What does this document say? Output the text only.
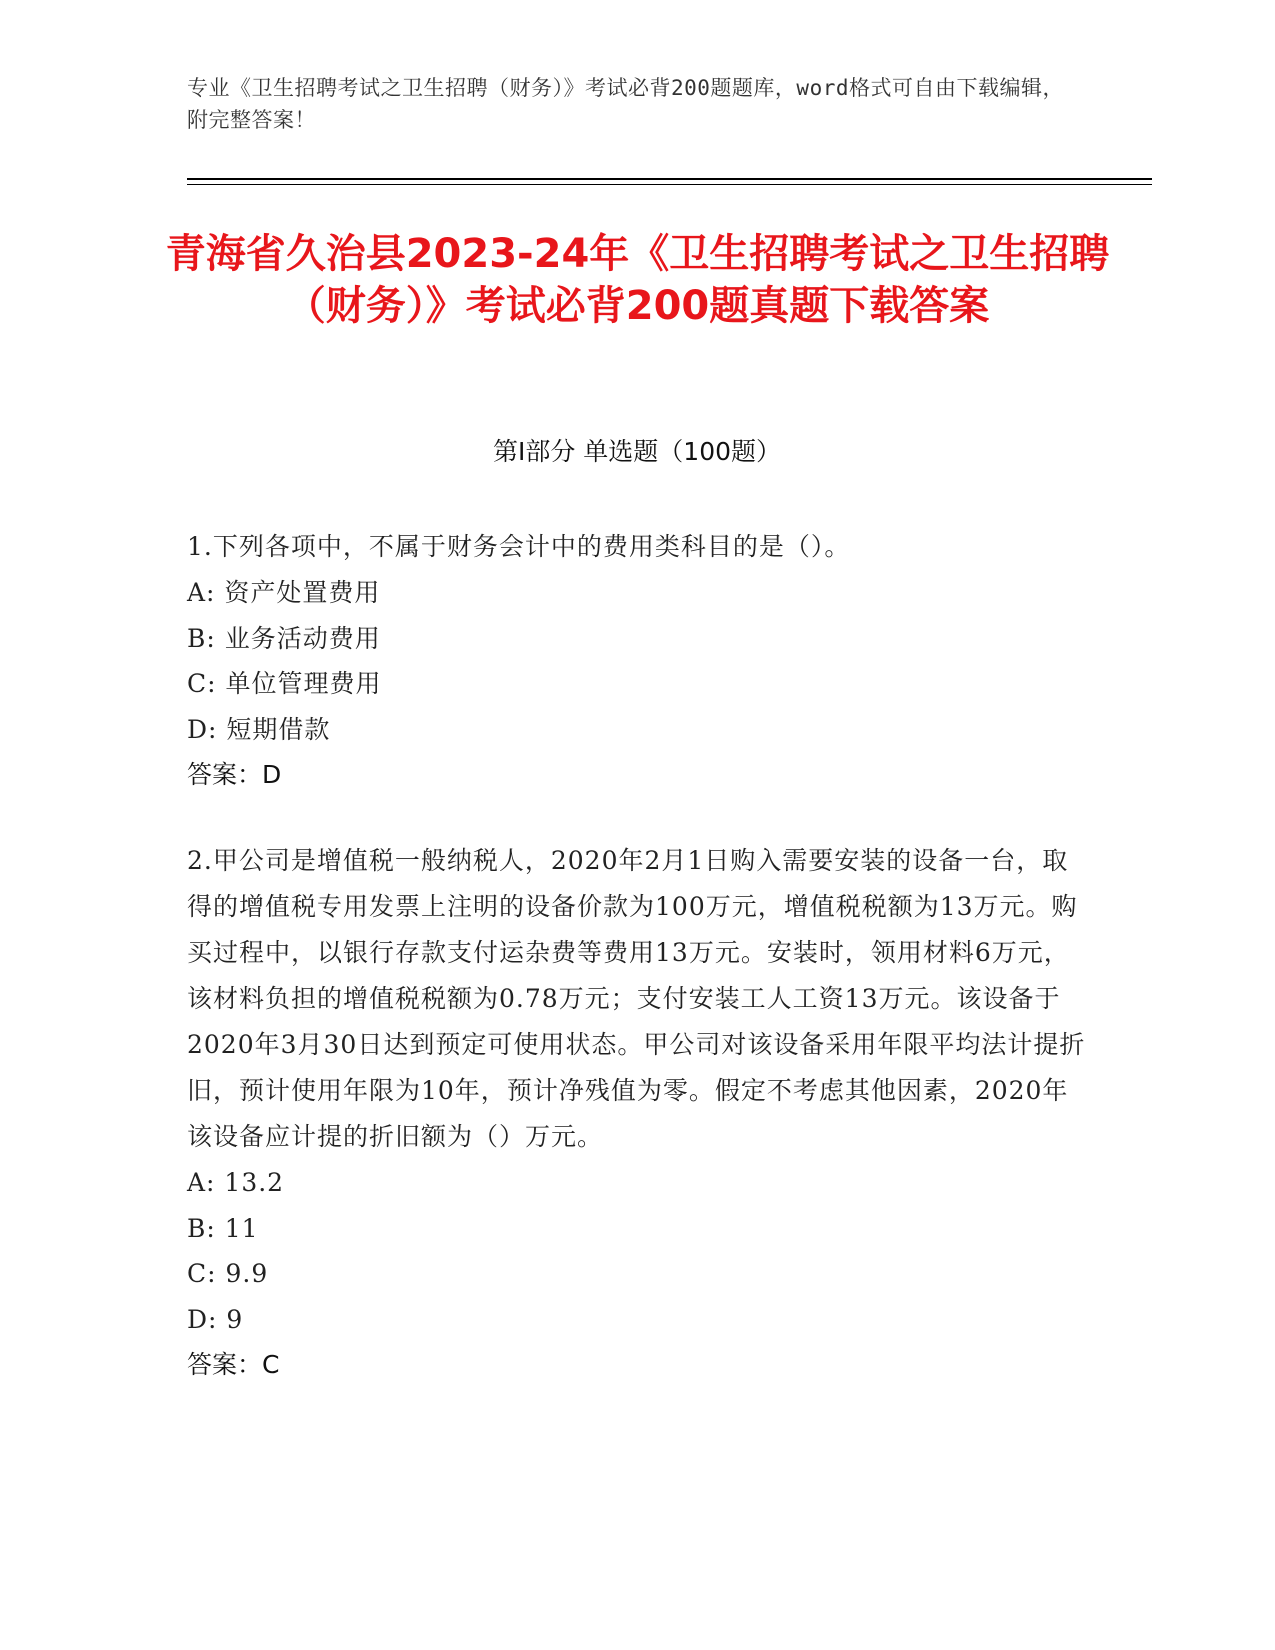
专业《卫生招聘考试之卫生招聘（财务）》考试必背200题题库，word格式可自由下载编辑，附完整答案！
青海省久治县2023-24年《卫生招聘考试之卫生招聘（财务）》考试必背200题真题下载答案
第I部分 单选题（100题）
1.下列各项中，不属于财务会计中的费用类科目的是（）。
A: 资产处置费用
B: 业务活动费用
C: 单位管理费用
D: 短期借款
答案：D
2.甲公司是增值税一般纳税人，2020年2月1日购入需要安装的设备一台，取得的增值税专用发票上注明的设备价款为100万元，增值税税额为13万元。购买过程中，以银行存款支付运杂费等费用13万元。安装时，领用材料6万元，该材料负担的增值税税额为0.78万元；支付安装工人工资13万元。该设备于2020年3月30日达到预定可使用状态。甲公司对该设备采用年限平均法计提折旧，预计使用年限为10年，预计净残值为零。假定不考虑其他因素，2020年该设备应计提的折旧额为（）万元。
A: 13.2
B: 11
C: 9.9
D: 9
答案：C
